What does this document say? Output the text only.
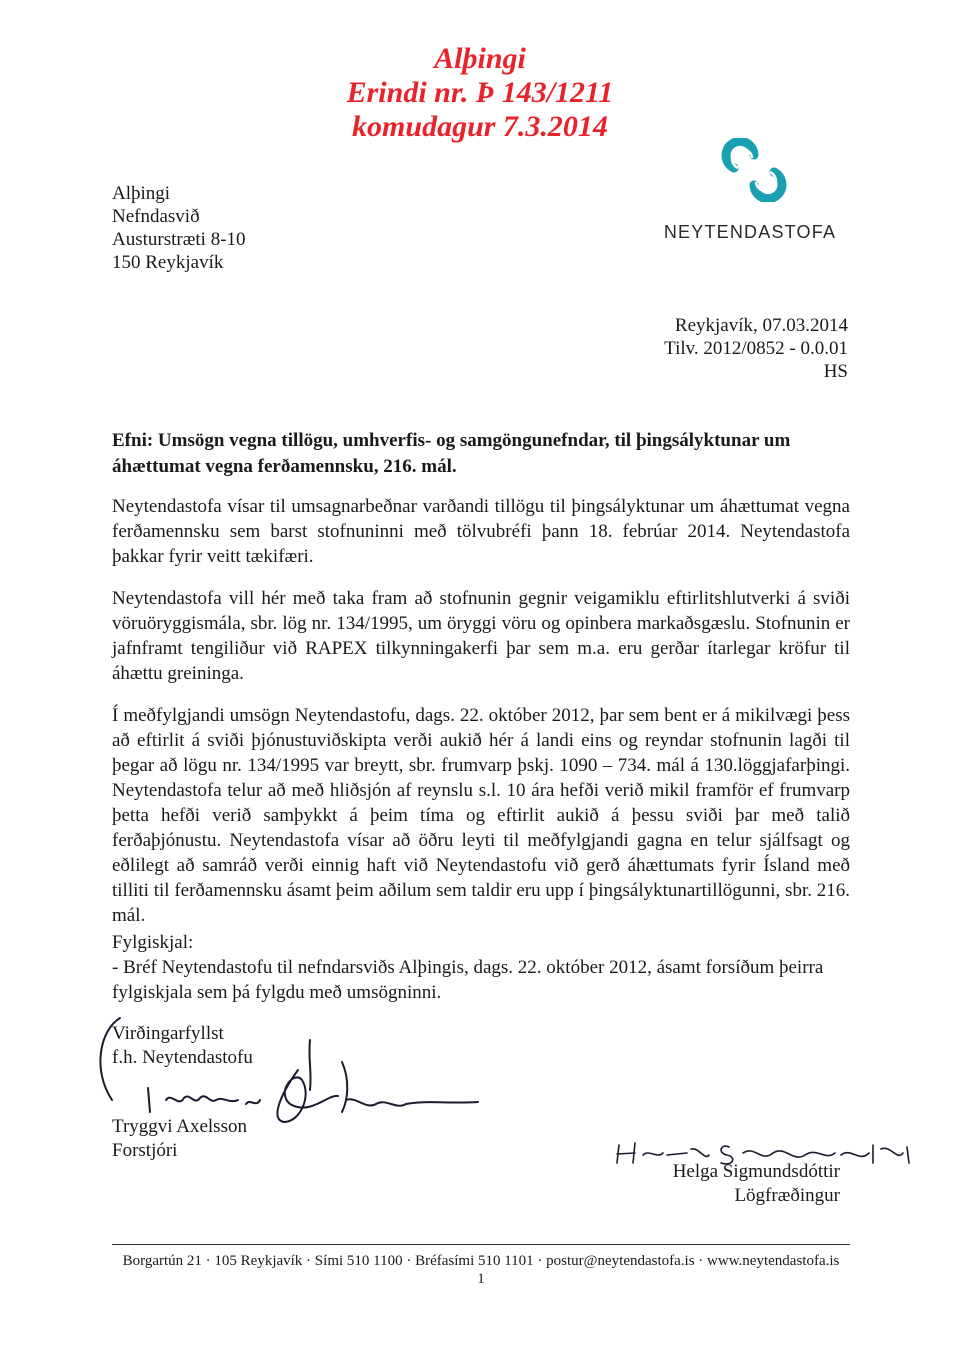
Alþingi
Erindi nr. Þ 143/1211
komudagur 7.3.2014
Alþingi
Nefndasvið
Austurstræti 8-10
150 Reykjavík
NEYTENDASTOFA
Reykjavík, 07.03.2014
Tilv. 2012/0852 - 0.0.01
HS
Efni: Umsögn vegna tillögu, umhverfis- og samgöngunefndar, til þingsályktunar um áhættumat vegna ferðamennsku, 216. mál.
Neytendastofa vísar til umsagnarbeðnar varðandi tillögu til þingsályktunar um áhættumat vegna ferðamennsku sem barst stofnuninni með tölvubréfi þann 18. febrúar 2014. Neytendastofa þakkar fyrir veitt tækifæri.
Neytendastofa vill hér með taka fram að stofnunin gegnir veigamiklu eftirlitshlutverki á sviði vöruöryggismála, sbr. lög nr. 134/1995, um öryggi vöru og opinbera markaðsgæslu. Stofnunin er jafnframt tengiliður við RAPEX tilkynningakerfi þar sem m.a. eru gerðar ítarlegar kröfur til áhættu greininga.
Í meðfylgjandi umsögn Neytendastofu, dags. 22. október 2012, þar sem bent er á mikilvægi þess að eftirlit á sviði þjónustuviðskipta verði aukið hér á landi eins og reyndar stofnunin lagði til þegar að lögu nr. 134/1995 var breytt, sbr. frumvarp þskj. 1090 – 734. mál á 130.löggjafarþingi. Neytendastofa telur að með hliðsjón af reynslu s.l. 10 ára hefði verið mikil framför ef frumvarp þetta hefði verið samþykkt á þeim tíma og eftirlit aukið á þessu sviði þar með talið ferðaþjónustu. Neytendastofa vísar að öðru leyti til meðfylgjandi gagna en telur sjálfsagt og eðlilegt að samráð verði einnig haft við Neytendastofu við gerð áhættumats fyrir Ísland með tilliti til ferðamennsku ásamt þeim aðilum sem taldir eru upp í þingsályktunartillögunni, sbr. 216. mál.
Fylgiskjal:
- Bréf Neytendastofu til nefndarsviðs Alþingis, dags. 22. október 2012, ásamt forsíðum þeirra fylgiskjala sem þá fylgdu með umsögninni.
Virðingarfyllst
f.h. Neytendastofu
Tryggvi Axelsson
Forstjóri
Helga Sigmundsdóttir
Lögfræðingur
Borgartún 21 · 105 Reykjavík · Sími 510 1100 · Bréfasími 510 1101 · postur@neytendastofa.is · www.neytendastofa.is
1
